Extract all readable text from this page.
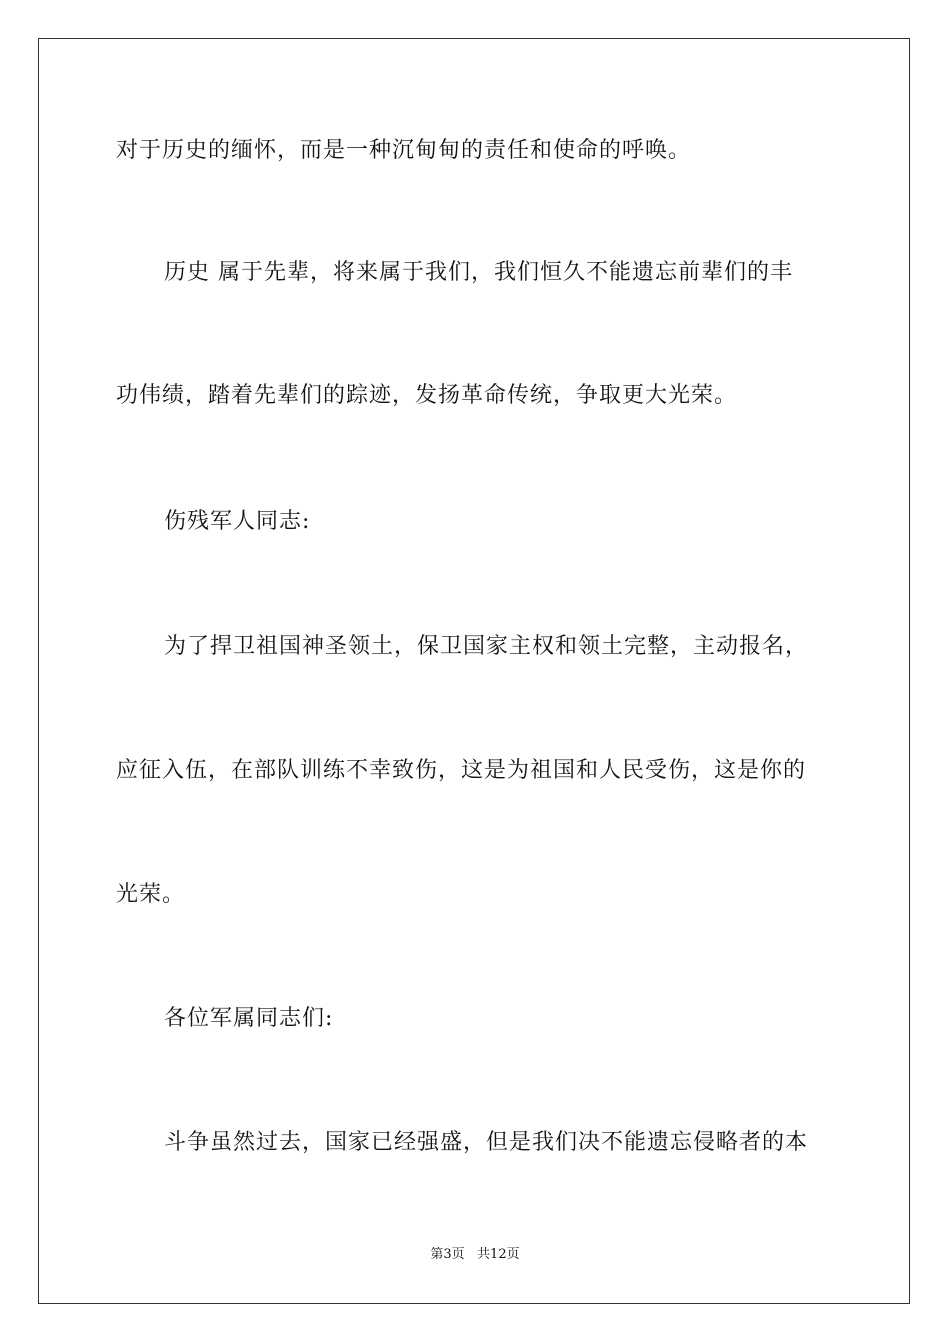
对于历史的缅怀，而是一种沉甸甸的责任和使命的呼唤。
历史 属于先辈，将来属于我们，我们恒久不能遗忘前辈们的丰
功伟绩，踏着先辈们的踪迹，发扬革命传统，争取更大光荣。
伤残军人同志:
为了捍卫祖国神圣领土，保卫国家主权和领土完整，主动报名，
应征入伍，在部队训练不幸致伤，这是为祖国和人民受伤，这是你的
光荣。
各位军属同志们:
斗争虽然过去，国家已经强盛，但是我们决不能遗忘侵略者的本
第3页   共12页
